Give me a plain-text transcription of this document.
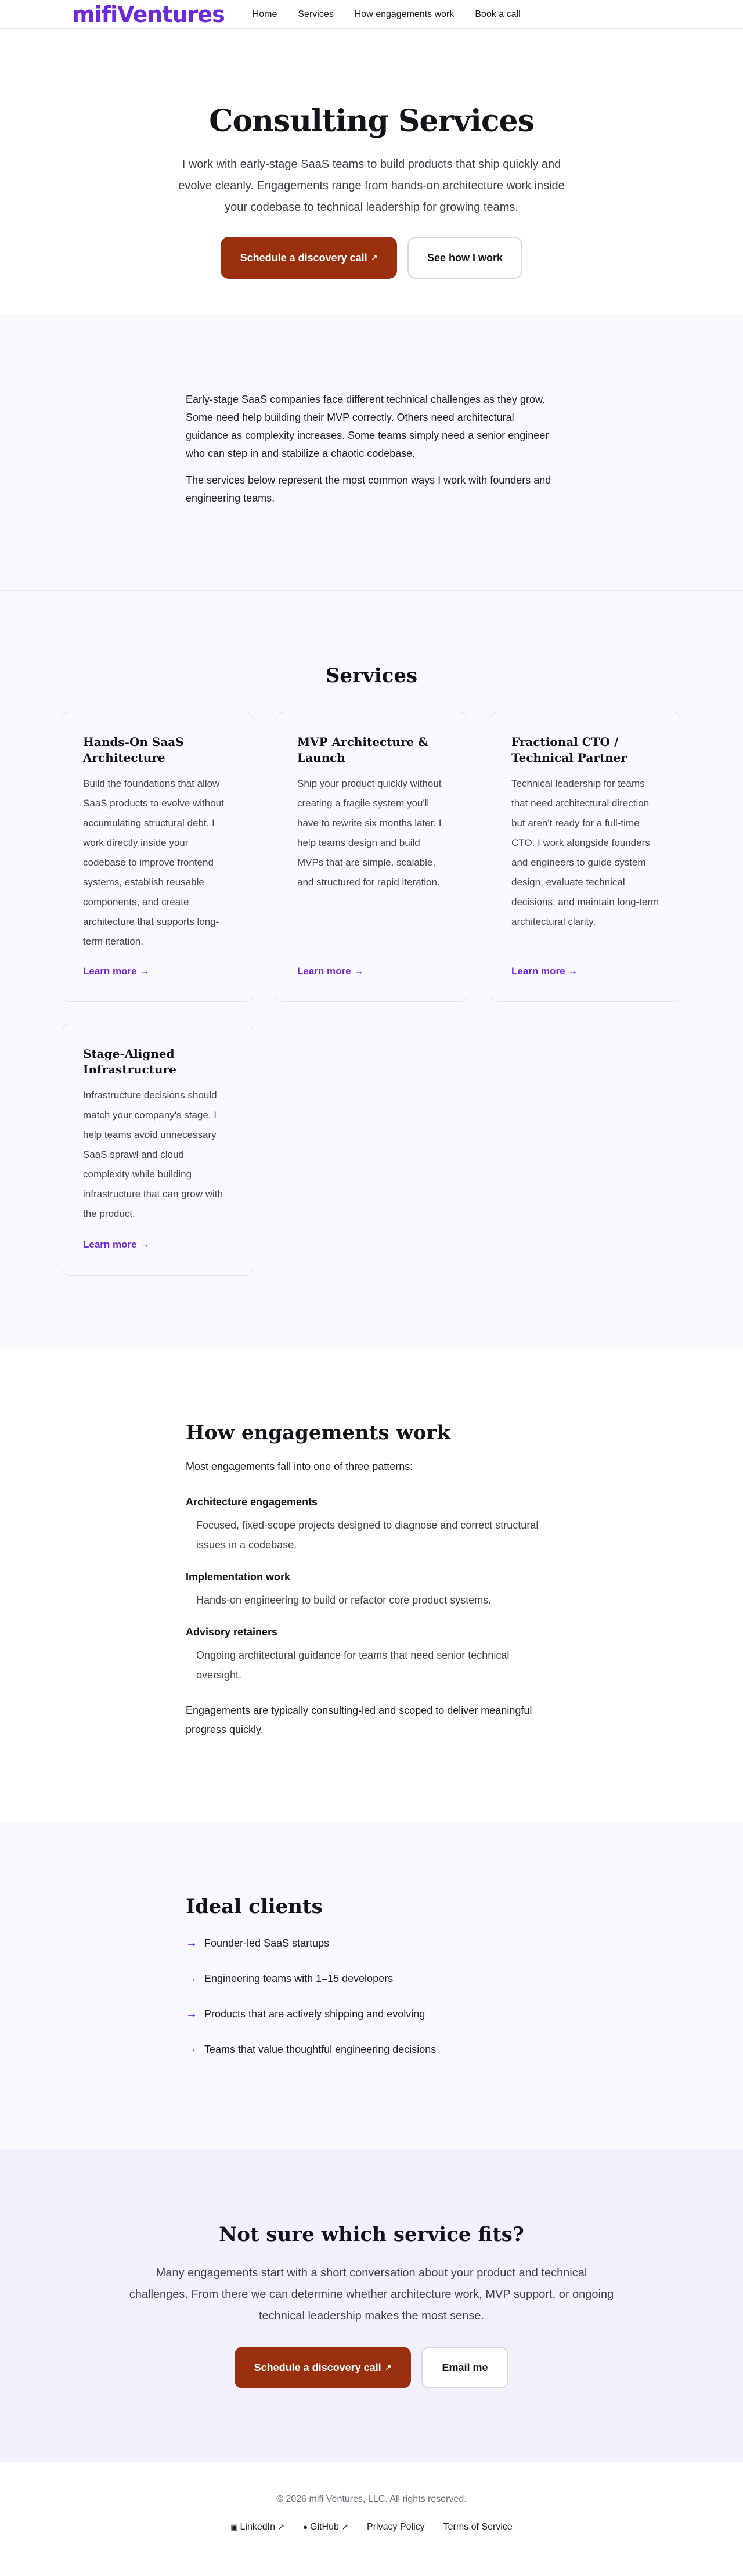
mifiVentures	Home Services How engagements work Book a call
Consulting Services

I work with early-stage SaaS teams to build products that ship quickly and evolve cleanly. Engagements range from hands-on architecture work inside your codebase to technical leadership for growing teams.

Schedule a discovery call ↗	See how I work

Early-stage SaaS companies face different technical challenges as they grow. Some need help building their MVP correctly. Others need architectural guidance as complexity increases. Some teams simply need a senior engineer who can step in and stabilize a chaotic codebase.

The services below represent the most common ways I work with founders and engineering teams.

Services
Hands-On SaaS Architecture

Build the foundations that allow SaaS products to evolve without accumulating structural debt. I work directly inside your codebase to improve frontend systems, establish reusable components, and create architecture that supports long-term iteration.

Learn more →
MVP Architecture & Launch

Ship your product quickly without creating a fragile system you'll have to rewrite six months later. I help teams design and build MVPs that are simple, scalable, and structured for rapid iteration.

Learn more →
Fractional CTO / Technical Partner

Technical leadership for teams that need architectural direction but aren't ready for a full-time CTO. I work alongside founders and engineers to guide system design, evaluate technical decisions, and maintain long-term architectural clarity.

Learn more →
Stage-Aligned Infrastructure

Infrastructure decisions should match your company's stage. I help teams avoid unnecessary SaaS sprawl and cloud complexity while building infrastructure that can grow with the product.

Learn more →
How engagements work

Most engagements fall into one of three patterns:

Architecture engagements

Focused, fixed-scope projects designed to diagnose and correct structural issues in a codebase.

Implementation work

Hands-on engineering to build or refactor core product systems.

Advisory retainers

Ongoing architectural guidance for teams that need senior technical oversight.

Engagements are typically consulting-led and scoped to deliver meaningful progress quickly.

Ideal clients
→ Founder-led SaaS startups
→ Engineering teams with 1–15 developers
→ Products that are actively shipping and evolving
→ Teams that value thoughtful engineering decisions
Not sure which service fits?

Many engagements start with a short conversation about your product and technical challenges. From there we can determine whether architecture work, MVP support, or ongoing technical leadership makes the most sense.

Schedule a discovery call ↗	Email me

© 2026 mifi Ventures, LLC. All rights reserved.

▣ LinkedIn ↗ ● GitHub ↗ Privacy Policy Terms of Service
